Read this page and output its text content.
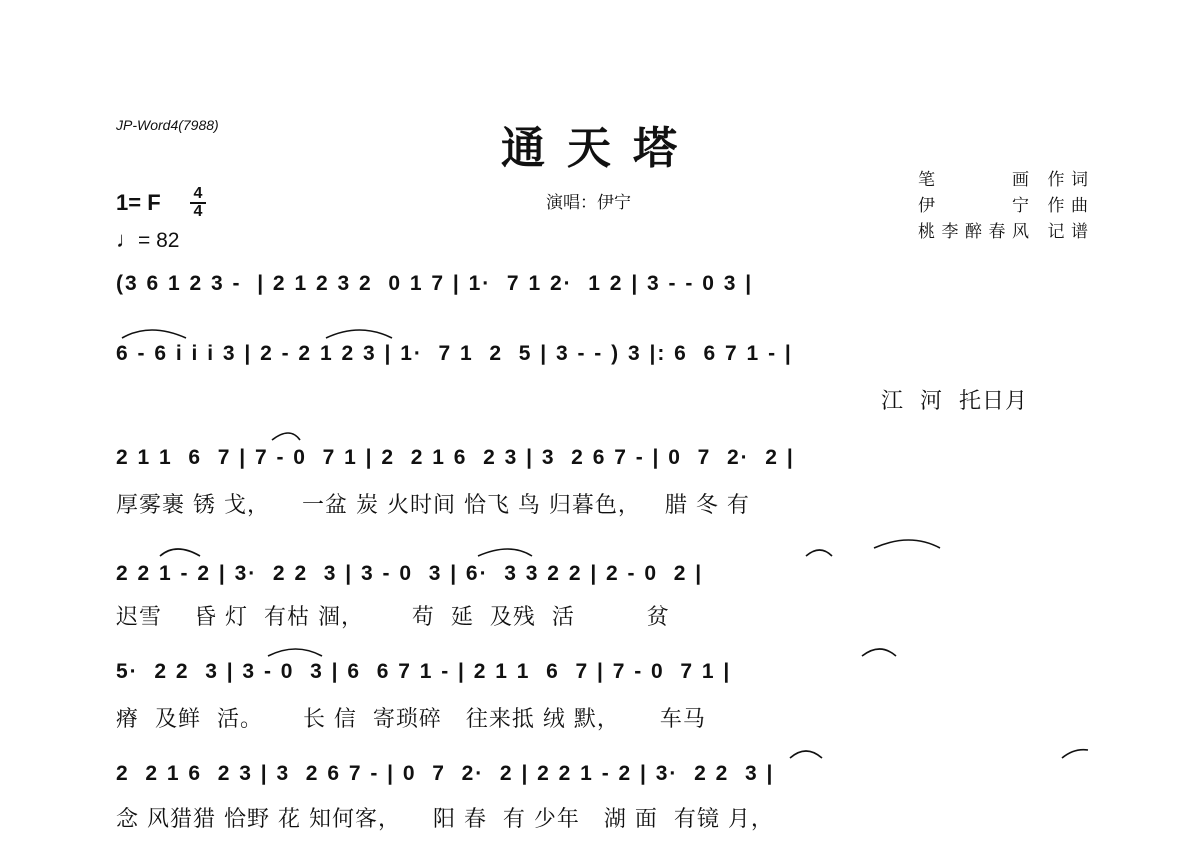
JP-Word4(7988)	通天塔
演唱：伊宁
笔　　　画 作词
伊　　　宁 作曲
桃李醉春风 记谱
1= F	4
4
♩= 82
(3 6 1 2 3 -  | 2 1 2 3 2  0 1 7 | 1·  7 1 2·  1 2 | 3 - - 0 3 |
6 - 6 i i i 3 | 2 - 2 1 2 3 | 1·  7 1  2  5 | 3 - - ) 3 |: 6  6 7 1 - |
江  河  托日月
2 1 1  6  7 | 7 - 0  7 1 | 2  2 1 6  2 3 | 3  2 6 7 - | 0  7  2·  2 |
厚雾裹 锈 戈，    一盆 炭 火时间 恰飞 鸟 归暮色，   腊 冬 有
2 2 1 - 2 | 3·  2 2  3 | 3 - 0  3 | 6·  3 3 2 2 | 2 - 0  2 |
迟雪    昏 灯  有枯 涸，      苟  延  及残  活         贫
5·  2 2  3 | 3 - 0  3 | 6  6 7 1 - | 2 1 1  6  7 | 7 - 0  7 1 |
瘠  及鲜  活。     长 信  寄琐碎   往来抵 绒 默，     车马
2  2 1 6  2 3 | 3  2 6 7 - | 0  7  2·  2 | 2 2 1 - 2 | 3·  2 2  3 |
念 风猎猎 恰野 花 知何客，    阳 春  有 少年   湖 面  有镜 月，
